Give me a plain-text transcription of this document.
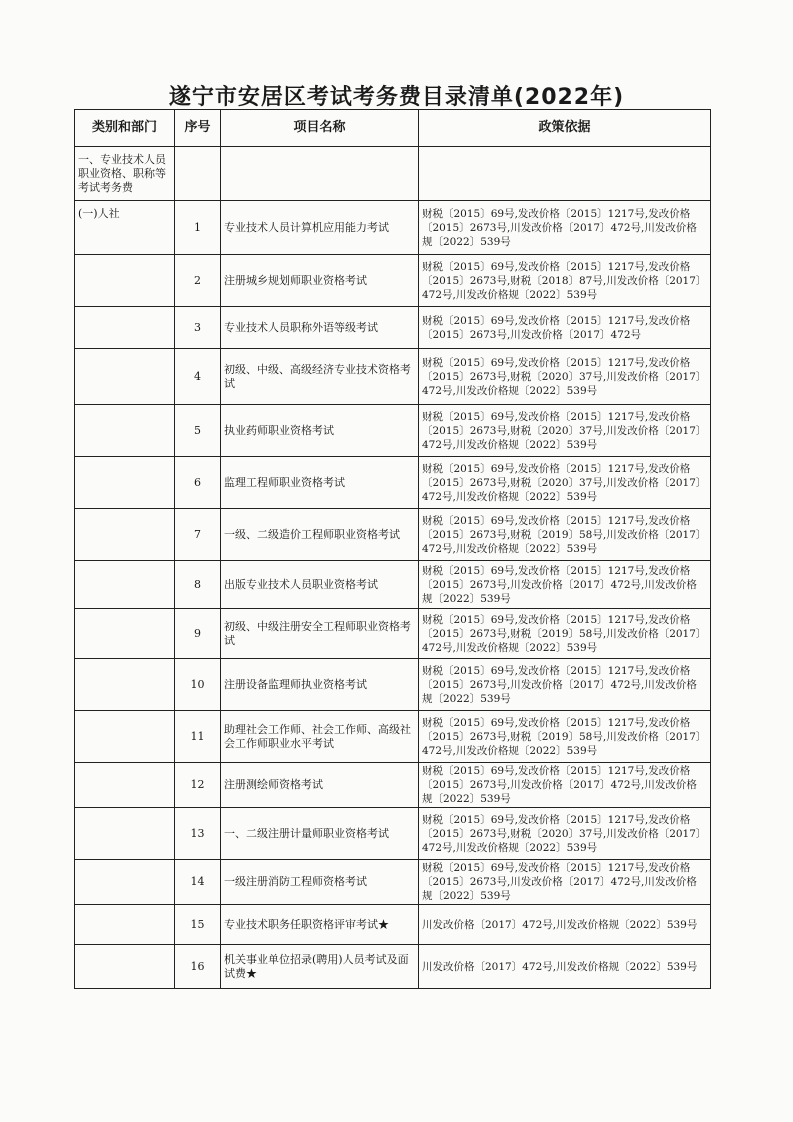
遂宁市安居区考试考务费目录清单(2022年)
类别和部门	序号	项目名称	政策依据
一、专业技术人员职业资格、职称等考试考务费			
(一)人社	1	专业技术人员计算机应用能力考试	财税〔2015〕69号,发改价格〔2015〕1217号,发改价格〔2015〕2673号,川发改价格〔2017〕472号,川发改价格规〔2022〕539号
	2	注册城乡规划师职业资格考试	财税〔2015〕69号,发改价格〔2015〕1217号,发改价格〔2015〕2673号,财税〔2018〕87号,川发改价格〔2017〕472号,川发改价格规〔2022〕539号
	3	专业技术人员职称外语等级考试	财税〔2015〕69号,发改价格〔2015〕1217号,发改价格〔2015〕2673号,川发改价格〔2017〕472号
	4	初级、中级、高级经济专业技术资格考试	财税〔2015〕69号,发改价格〔2015〕1217号,发改价格〔2015〕2673号,财税〔2020〕37号,川发改价格〔2017〕472号,川发改价格规〔2022〕539号
	5	执业药师职业资格考试	财税〔2015〕69号,发改价格〔2015〕1217号,发改价格〔2015〕2673号,财税〔2020〕37号,川发改价格〔2017〕472号,川发改价格规〔2022〕539号
	6	监理工程师职业资格考试	财税〔2015〕69号,发改价格〔2015〕1217号,发改价格〔2015〕2673号,财税〔2020〕37号,川发改价格〔2017〕472号,川发改价格规〔2022〕539号
	7	一级、二级造价工程师职业资格考试	财税〔2015〕69号,发改价格〔2015〕1217号,发改价格〔2015〕2673号,财税〔2019〕58号,川发改价格〔2017〕472号,川发改价格规〔2022〕539号
	8	出版专业技术人员职业资格考试	财税〔2015〕69号,发改价格〔2015〕1217号,发改价格〔2015〕2673号,川发改价格〔2017〕472号,川发改价格规〔2022〕539号
	9	初级、中级注册安全工程师职业资格考试	财税〔2015〕69号,发改价格〔2015〕1217号,发改价格〔2015〕2673号,财税〔2019〕58号,川发改价格〔2017〕472号,川发改价格规〔2022〕539号
	10	注册设备监理师执业资格考试	财税〔2015〕69号,发改价格〔2015〕1217号,发改价格〔2015〕2673号,川发改价格〔2017〕472号,川发改价格规〔2022〕539号
	11	助理社会工作师、社会工作师、高级社会工作师职业水平考试	财税〔2015〕69号,发改价格〔2015〕1217号,发改价格〔2015〕2673号,财税〔2019〕58号,川发改价格〔2017〕472号,川发改价格规〔2022〕539号
	12	注册测绘师资格考试	财税〔2015〕69号,发改价格〔2015〕1217号,发改价格〔2015〕2673号,川发改价格〔2017〕472号,川发改价格规〔2022〕539号
	13	一、二级注册计量师职业资格考试	财税〔2015〕69号,发改价格〔2015〕1217号,发改价格〔2015〕2673号,财税〔2020〕37号,川发改价格〔2017〕472号,川发改价格规〔2022〕539号
	14	一级注册消防工程师资格考试	财税〔2015〕69号,发改价格〔2015〕1217号,发改价格〔2015〕2673号,川发改价格〔2017〕472号,川发改价格规〔2022〕539号
	15	专业技术职务任职资格评审考试★	川发改价格〔2017〕472号,川发改价格规〔2022〕539号
	16	机关事业单位招录(聘用)人员考试及面试费★	川发改价格〔2017〕472号,川发改价格规〔2022〕539号
